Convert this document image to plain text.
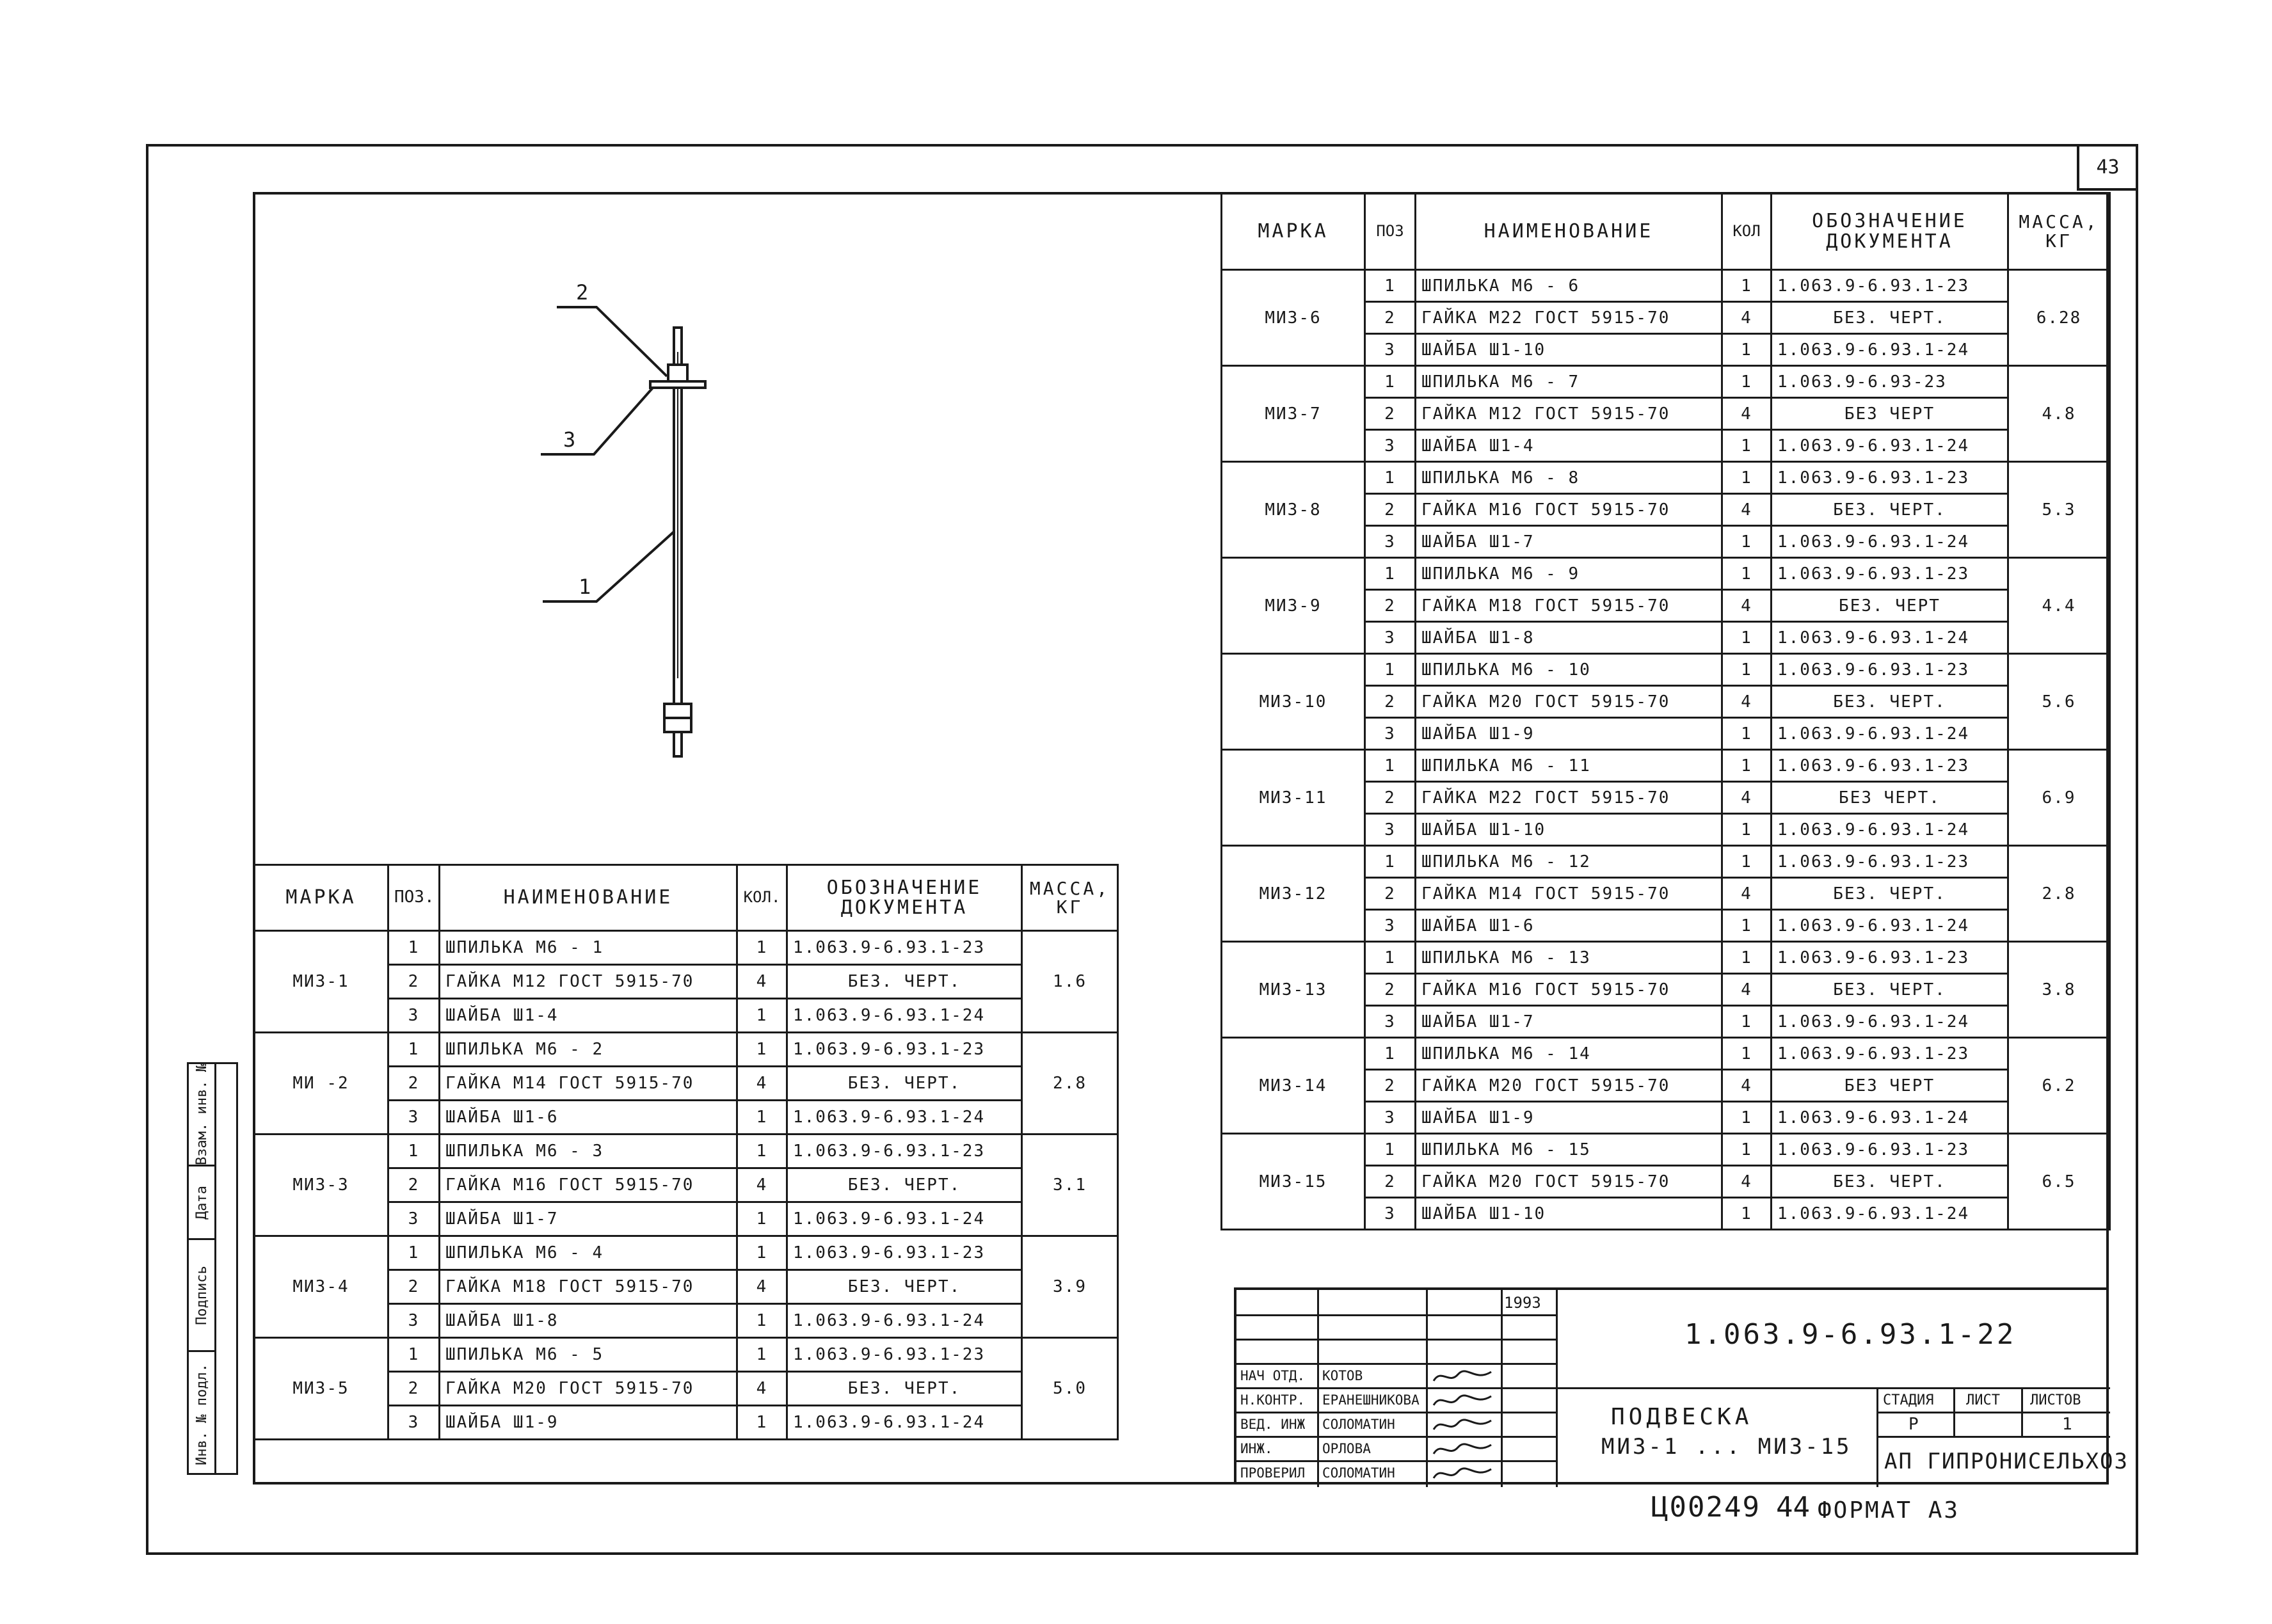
43
МАРКА	ПОЗ	НАИМЕНОВАНИЕ	КОЛ	ОБОЗНАЧЕНИЕ ДОКУМЕНТА	МАССА, КГ
МИЗ-6	1	ШПИЛЬКА М6 - 6	1	1.063.9-6.93.1-23	6.28
	2	ГАЙКА М22 ГОСТ 5915-70	4	БЕЗ. ЧЕРТ.	
	3	ШАЙБА Ш1-10	1	1.063.9-6.93.1-24	
МИЗ-7	1	ШПИЛЬКА М6 - 7	1	1.063.9-6.93-23	4.8
	2	ГАЙКА М12 ГОСТ 5915-70	4	БЕЗ ЧЕРТ	
	3	ШАЙБА Ш1-4	1	1.063.9-6.93.1-24	
МИЗ-8	1	ШПИЛЬКА М6 - 8	1	1.063.9-6.93.1-23	5.3
	2	ГАЙКА М16 ГОСТ 5915-70	4	БЕЗ. ЧЕРТ.	
	3	ШАЙБА Ш1-7	1	1.063.9-6.93.1-24	
МИЗ-9	1	ШПИЛЬКА М6 - 9	1	1.063.9-6.93.1-23	4.4
	2	ГАЙКА М18 ГОСТ 5915-70	4	БЕЗ. ЧЕРТ	
	3	ШАЙБА Ш1-8	1	1.063.9-6.93.1-24	
МИЗ-10	1	ШПИЛЬКА М6 - 10	1	1.063.9-6.93.1-23	5.6
	2	ГАЙКА М20 ГОСТ 5915-70	4	БЕЗ. ЧЕРТ.	
	3	ШАЙБА Ш1-9	1	1.063.9-6.93.1-24	
МИЗ-11	1	ШПИЛЬКА М6 - 11	1	1.063.9-6.93.1-23	6.9
	2	ГАЙКА М22 ГОСТ 5915-70	4	БЕЗ ЧЕРТ.	
	3	ШАЙБА Ш1-10	1	1.063.9-6.93.1-24	
МИЗ-12	1	ШПИЛЬКА М6 - 12	1	1.063.9-6.93.1-23	2.8
	2	ГАЙКА М14 ГОСТ 5915-70	4	БЕЗ. ЧЕРТ.	
	3	ШАЙБА Ш1-6	1	1.063.9-6.93.1-24	
МИЗ-13	1	ШПИЛЬКА М6 - 13	1	1.063.9-6.93.1-23	3.8
	2	ГАЙКА М16 ГОСТ 5915-70	4	БЕЗ. ЧЕРТ.	
	3	ШАЙБА Ш1-7	1	1.063.9-6.93.1-24	
МИЗ-14	1	ШПИЛЬКА М6 - 14	1	1.063.9-6.93.1-23	6.2
	2	ГАЙКА М20 ГОСТ 5915-70	4	БЕЗ ЧЕРТ	
	3	ШАЙБА Ш1-9	1	1.063.9-6.93.1-24	
МИЗ-15	1	ШПИЛЬКА М6 - 15	1	1.063.9-6.93.1-23	6.5
	2	ГАЙКА М20 ГОСТ 5915-70	4	БЕЗ. ЧЕРТ.	
	3	ШАЙБА Ш1-10	1	1.063.9-6.93.1-24	
МАРКА	ПОЗ.	НАИМЕНОВАНИЕ	КОЛ.	ОБОЗНАЧЕНИЕ ДОКУМЕНТА	МАССА, КГ
МИЗ-1	1	ШПИЛЬКА М6 - 1	1	1.063.9-6.93.1-23	1.6
	2	ГАЙКА М12 ГОСТ 5915-70	4	БЕЗ. ЧЕРТ.	
	3	ШАЙБА Ш1-4	1	1.063.9-6.93.1-24	
МИ -2	1	ШПИЛЬКА М6 - 2	1	1.063.9-6.93.1-23	2.8
	2	ГАЙКА М14 ГОСТ 5915-70	4	БЕЗ. ЧЕРТ.	
	3	ШАЙБА Ш1-6	1	1.063.9-6.93.1-24	
МИЗ-3	1	ШПИЛЬКА М6 - 3	1	1.063.9-6.93.1-23	3.1
	2	ГАЙКА М16 ГОСТ 5915-70	4	БЕЗ. ЧЕРТ.	
	3	ШАЙБА Ш1-7	1	1.063.9-6.93.1-24	
МИЗ-4	1	ШПИЛЬКА М6 - 4	1	1.063.9-6.93.1-23	3.9
	2	ГАЙКА М18 ГОСТ 5915-70	4	БЕЗ. ЧЕРТ.	
	3	ШАЙБА Ш1-8	1	1.063.9-6.93.1-24	
МИЗ-5	1	ШПИЛЬКА М6 - 5	1	1.063.9-6.93.1-23	5.0
	2	ГАЙКА М20 ГОСТ 5915-70	4	БЕЗ. ЧЕРТ.	
	3	ШАЙБА Ш1-9	1	1.063.9-6.93.1-24	
2
3
1
Взам. инв. №
Дата
Подпись
Инв. № подл.
1993
1.063.9-6.93.1-22
ПОДВЕСКА
МИЗ-1 ... МИЗ-15
СТАДИЯ ЛИСТ ЛИСТОВ
Р	1
АП ГИПРОНИСЕЛЬХОЗ
НАЧ ОТД. КОТОВ
Н.КОНТР. ЕРАНЕШНИКОВА
ВЕД. ИНЖ СОЛОМАТИН
ИНЖ.	ОРЛОВА
ПРОВЕРИЛ СОЛОМАТИН
Ц00249 44 ФОРМАТ А3
